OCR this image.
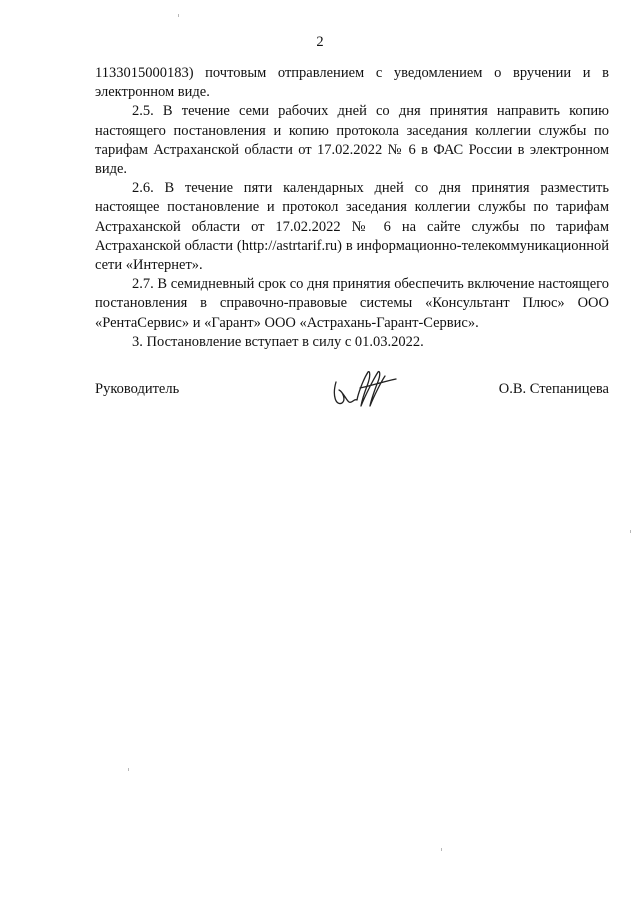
2

1133015000183) почтовым отправлением с уведомлением о вручении и в электронном виде.

2.5. В течение семи рабочих дней со дня принятия направить копию настоящего постановления и копию протокола заседания коллегии службы по тарифам Астраханской области от 17.02.2022 № 6 в ФАС России в электронном виде.

2.6. В течение пяти календарных дней со дня принятия разместить настоящее постановление и протокол заседания коллегии службы по тарифам Астраханской области от 17.02.2022 № 6 на сайте службы по тарифам Астраханской области (http://astrtarif.ru) в информационно-телекоммуникационной сети «Интернет».

2.7. В семидневный срок со дня принятия обеспечить включение настоящего постановления в справочно-правовые системы «Консультант Плюс» ООО «РентаСервис» и «Гарант» ООО «Астрахань-Гарант-Сервис».

3. Постановление вступает в силу с 01.03.2022.

Руководитель	О.В. Степаницева
